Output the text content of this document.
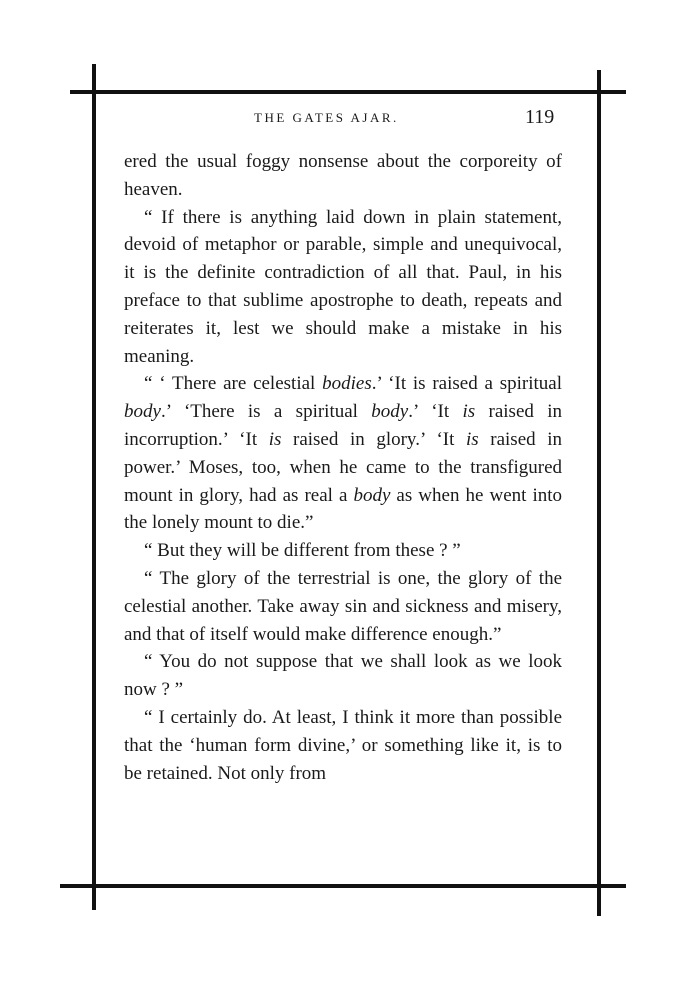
THE GATES AJAR.	119

ered the usual foggy nonsense about the corporeity of heaven.

“ If there is anything laid down in plain statement, devoid of metaphor or parable, simple and unequivocal, it is the definite contradiction of all that. Paul, in his preface to that sublime apostrophe to death, repeats and reiterates it, lest we should make a mistake in his meaning.

“ ‘ There are celestial bodies.’ ‘It is raised a spiritual body.’ ‘There is a spiritual body.’ ‘It is raised in incorruption.’ ‘It is raised in glory.’ ‘It is raised in power.’ Moses, too, when he came to the transfigured mount in glory, had as real a body as when he went into the lonely mount to die.”

“ But they will be different from these ? ”

“ The glory of the terrestrial is one, the glory of the celestial another. Take away sin and sickness and misery, and that of itself would make difference enough.”

“ You do not suppose that we shall look as we look now ? ”

“ I certainly do. At least, I think it more than possible that the ‘human form divine,’ or something like it, is to be retained. Not only from
